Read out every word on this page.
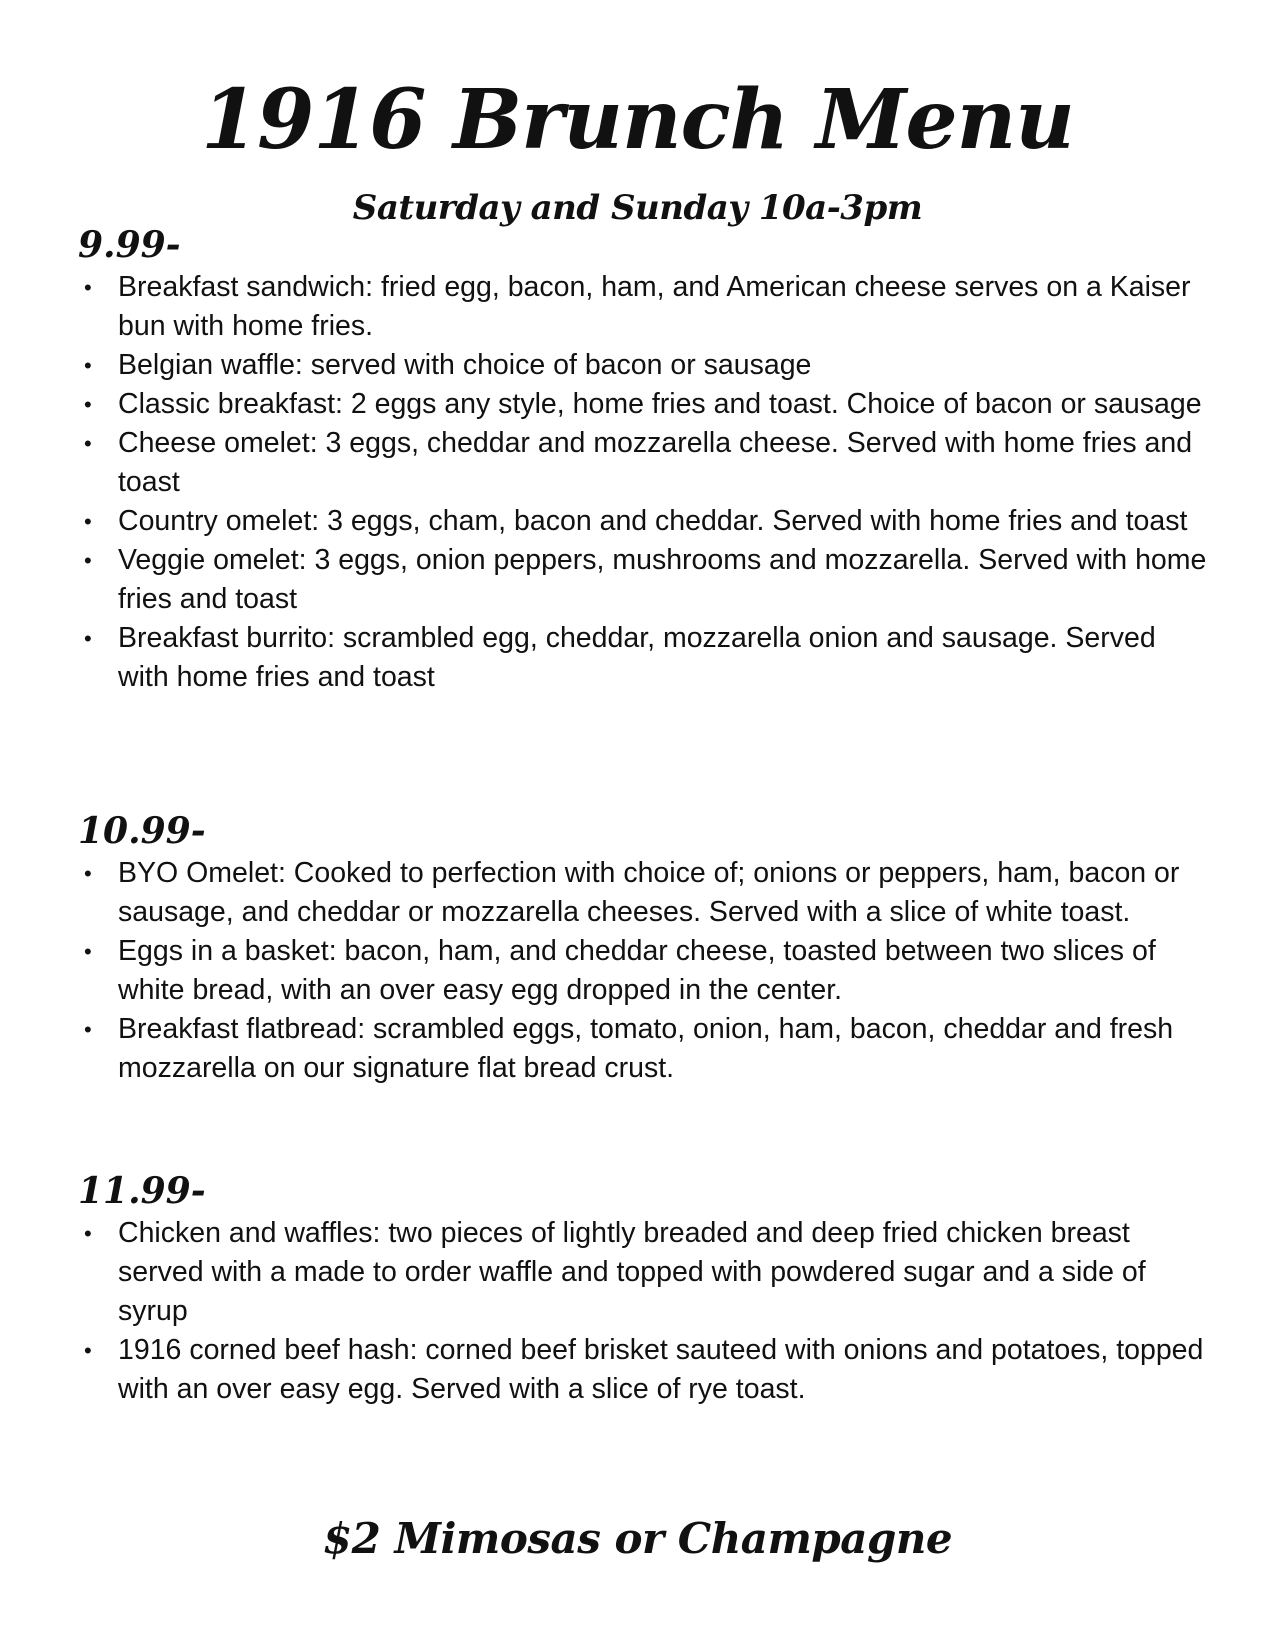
1916 Brunch Menu
Saturday and Sunday 10a-3pm
9.99-
• Breakfast sandwich: fried egg, bacon, ham, and American cheese serves on a Kaiser bun with home fries.
• Belgian waffle: served with choice of bacon or sausage
• Classic breakfast: 2 eggs any style, home fries and toast. Choice of bacon or sausage
• Cheese omelet: 3 eggs, cheddar and mozzarella cheese. Served with home fries and toast
• Country omelet: 3 eggs, cham, bacon and cheddar. Served with home fries and toast
• Veggie omelet: 3 eggs, onion peppers, mushrooms and mozzarella. Served with home fries and toast
• Breakfast burrito: scrambled egg, cheddar, mozzarella onion and sausage. Served with home fries and toast
10.99-
• BYO Omelet: Cooked to perfection with choice of; onions or peppers, ham, bacon or sausage, and cheddar or mozzarella cheeses. Served with a slice of white toast.
• Eggs in a basket: bacon, ham, and cheddar cheese, toasted between two slices of white bread, with an over easy egg dropped in the center.
• Breakfast flatbread: scrambled eggs, tomato, onion, ham, bacon, cheddar and fresh mozzarella on our signature flat bread crust.
11.99-
• Chicken and waffles: two pieces of lightly breaded and deep fried chicken breast served with a made to order waffle and topped with powdered sugar and a side of syrup
• 1916 corned beef hash: corned beef brisket sauteed with onions and potatoes, topped with an over easy egg. Served with a slice of rye toast.
$2 Mimosas or Champagne
